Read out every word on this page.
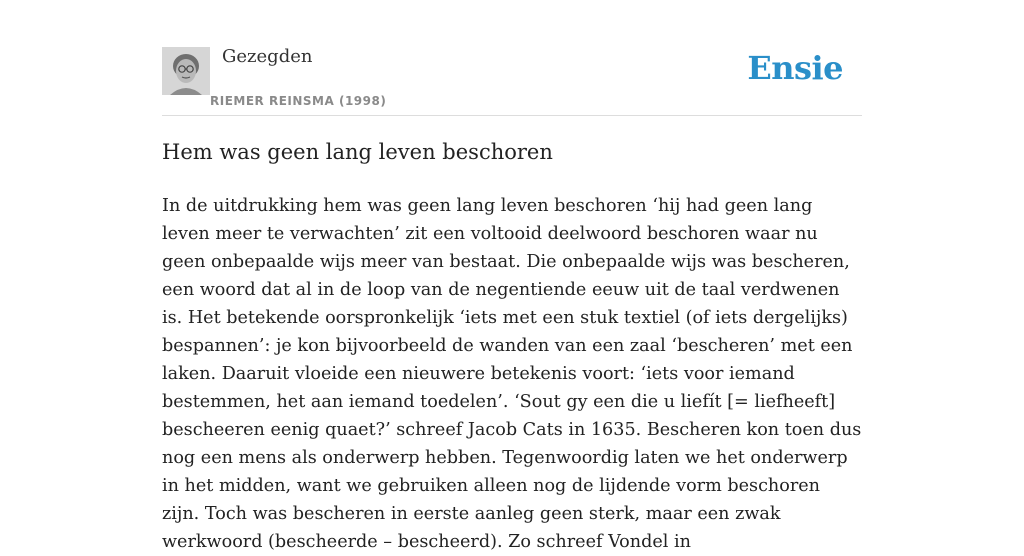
Gezegden
RIEMER REINSMA (1998)
Ensie
Hem was geen lang leven beschoren

In de uitdrukking hem was geen lang leven beschoren ‘hij had geen lang leven meer te verwachten’ zit een voltooid deelwoord beschoren waar nu geen onbepaalde wijs meer van bestaat. Die onbepaalde wijs was bescheren, een woord dat al in de loop van de negentiende eeuw uit de taal verdwenen is. Het betekende oorspronkelijk ‘iets met een stuk textiel (of iets dergelijks) bespannen’: je kon bijvoorbeeld de wanden van een zaal ‘bescheren’ met een laken. Daaruit vloeide een nieuwere betekenis voort: ‘iets voor iemand bestemmen, het aan iemand toedelen’. ‘Sout gy een die u liefít [= liefheeft] bescheeren eenig quaet?’ schreef Jacob Cats in 1635. Bescheren kon toen dus nog een mens als onderwerp hebben. Tegenwoordig laten we het onderwerp in het midden, want we gebruiken alleen nog de lijdende vorm beschoren zijn. Toch was bescheren in eerste aanleg geen sterk, maar een zwak werkwoord (bescheerde – bescheerd). Zo schreef Vondel in
